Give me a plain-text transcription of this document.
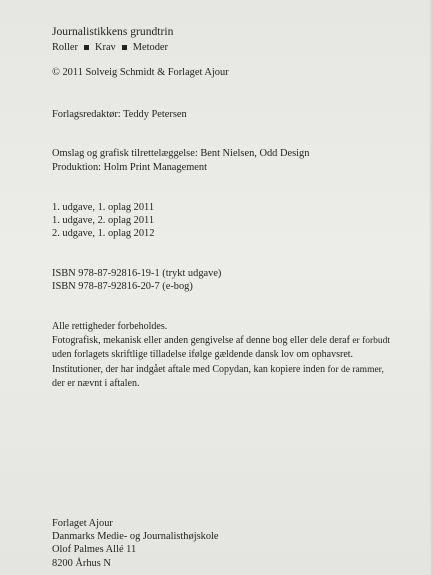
Journalistikkens grundtrin
Roller Krav Metoder
© 2011 Solveig Schmidt & Forlaget Ajour
Forlagsredaktør: Teddy Petersen
Omslag og grafisk tilrettelæggelse: Bent Nielsen, Odd Design
Produktion: Holm Print Management
1. udgave, 1. oplag 2011
1. udgave, 2. oplag 2011
2. udgave, 1. oplag 2012
ISBN 978-87-92816-19-1 (trykt udgave)
ISBN 978-87-92816-20-7 (e-bog)
Alle rettigheder forbeholdes.
Fotografisk, mekanisk eller anden gengivelse af denne bog eller dele deraf er forbudt
uden forlagets skriftlige tilladelse ifølge gældende dansk lov om ophavsret.
Institutioner, der har indgået aftale med Copydan, kan kopiere inden for de rammer,
der er nævnt i aftalen.
Forlaget Ajour
Danmarks Medie- og Journalisthøjskole
Olof Palmes Allé 11
8200 Århus N
